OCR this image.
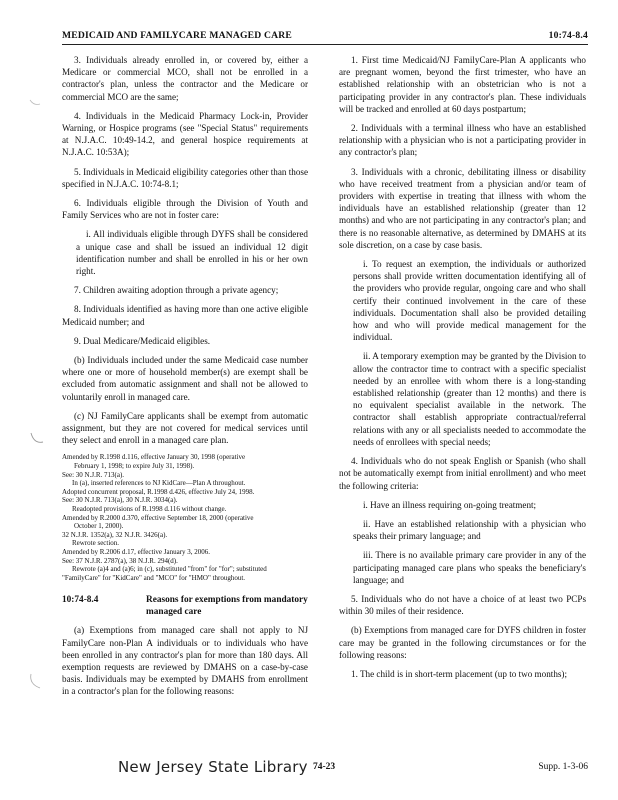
MEDICAID AND FAMILYCARE MANAGED CARE	10:74-8.4

3. Individuals already enrolled in, or covered by, either a Medicare or commercial MCO, shall not be enrolled in a contractor's plan, unless the contractor and the Medicare or commercial MCO are the same;

4. Individuals in the Medicaid Pharmacy Lock-in, Provider Warning, or Hospice programs (see "Special Status" requirements at N.J.A.C. 10:49-14.2, and general hospice requirements at N.J.A.C. 10:53A);

5. Individuals in Medicaid eligibility categories other than those specified in N.J.A.C. 10:74-8.1;

6. Individuals eligible through the Division of Youth and Family Services who are not in foster care:

i. All individuals eligible through DYFS shall be considered a unique case and shall be issued an individual 12 digit identification number and shall be enrolled in his or her own right.

7. Children awaiting adoption through a private agency;

8. Individuals identified as having more than one active eligible Medicaid number; and

9. Dual Medicare/Medicaid eligibles.

(b) Individuals included under the same Medicaid case number where one or more of household member(s) are exempt shall be excluded from automatic assignment and shall not be allowed to voluntarily enroll in managed care.

(c) NJ FamilyCare applicants shall be exempt from automatic assignment, but they are not covered for medical services until they select and enroll in a managed care plan.

Amended by R.1998 d.116, effective January 30, 1998 (operative
February 1, 1998; to expire July 31, 1998).
See: 30 N.J.R. 713(a).
In (a), inserted references to NJ KidCare—Plan A throughout.
Adopted concurrent proposal, R.1998 d.426, effective July 24, 1998.
See: 30 N.J.R. 713(a), 30 N.J.R. 3034(a).
Readopted provisions of R.1998 d.116 without change.
Amended by R.2000 d.370, effective September 18, 2000 (operative
October 1, 2000).
32 N.J.R. 1352(a), 32 N.J.R. 3426(a).
Rewrote section.
Amended by R.2006 d.17, effective January 3, 2006.
See: 37 N.J.R. 2787(a), 38 N.J.R. 294(d).
Rewrote (a)4 and (a)6; in (c), substituted "from" for "for"; substituted
"FamilyCare" for "KidCare" and "MCO" for "HMO" throughout.
10:74-8.4	Reasons for exemptions from mandatory managed care

(a) Exemptions from managed care shall not apply to NJ FamilyCare non-Plan A individuals or to individuals who have been enrolled in any contractor's plan for more than 180 days. All exemption requests are reviewed by DMAHS on a case-by-case basis. Individuals may be exempted by DMAHS from enrollment in a contractor's plan for the following reasons:

1. First time Medicaid/NJ FamilyCare-Plan A applicants who are pregnant women, beyond the first trimester, who have an established relationship with an obstetrician who is not a participating provider in any contractor's plan. These individuals will be tracked and enrolled at 60 days postpartum;

2. Individuals with a terminal illness who have an established relationship with a physician who is not a participating provider in any contractor's plan;

3. Individuals with a chronic, debilitating illness or disability who have received treatment from a physician and/or team of providers with expertise in treating that illness with whom the individuals have an established relationship (greater than 12 months) and who are not participating in any contractor's plan; and there is no reasonable alternative, as determined by DMAHS at its sole discretion, on a case by case basis.

i. To request an exemption, the individuals or authorized persons shall provide written documentation identifying all of the providers who provide regular, ongoing care and who shall certify their continued involvement in the care of these individuals. Documentation shall also be provided detailing how and who will provide medical management for the individual.

ii. A temporary exemption may be granted by the Division to allow the contractor time to contract with a specific specialist needed by an enrollee with whom there is a long-standing established relationship (greater than 12 months) and there is no equivalent specialist available in the network. The contractor shall establish appropriate contractual/referral relations with any or all specialists needed to accommodate the needs of enrollees with special needs;

4. Individuals who do not speak English or Spanish (who shall not be automatically exempt from initial enrollment) and who meet the following criteria:

i. Have an illness requiring on-going treatment;

ii. Have an established relationship with a physician who speaks their primary language; and

iii. There is no available primary care provider in any of the participating managed care plans who speaks the beneficiary's language; and

5. Individuals who do not have a choice of at least two PCPs within 30 miles of their residence.

(b) Exemptions from managed care for DYFS children in foster care may be granted in the following circumstances or for the following reasons:

1. The child is in short-term placement (up to two months);

New Jersey State Library 74-23	Supp. 1-3-06
